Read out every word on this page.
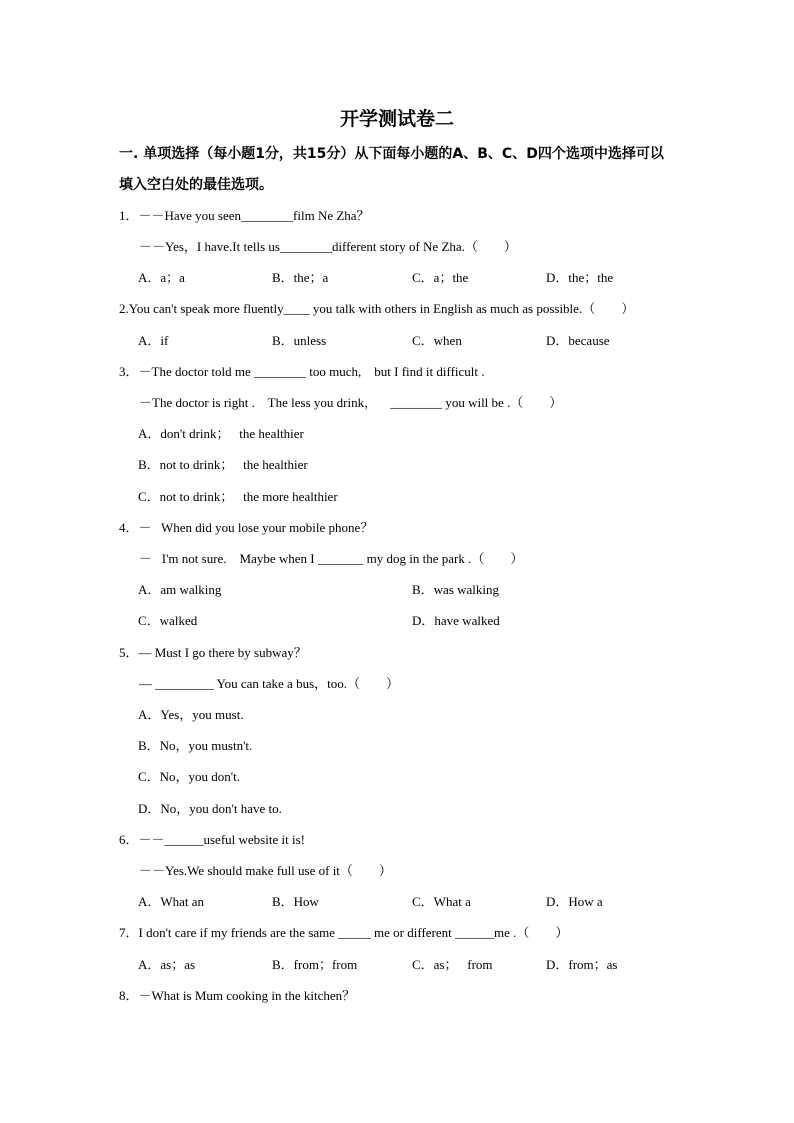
开学测试卷二
一. 单项选择（每小题1分，共15分）从下面每小题的A、B、C、D四个选项中选择可以
填入空白处的最佳选项。
1．－－Have you seen________film Ne Zha？
－－Yes，I have.It tells us________different story of Ne Zha.（        ）
A．a；a	B．the；a	C．a；the	D．the；the
2.You can't speak more fluently____ you talk with others in English as much as possible.（        ）
A．if	B．unless	C．when	D．because
3．－The doctor told me ________ too much,    but I find it difficult .
－The doctor is right .    The less you drink，    ________ you will be .（        ）
A．don't drink；   the healthier
B．not to drink；   the healthier
C．not to drink；   the more healthier
4．－   When did you lose your mobile phone？
－   I'm not sure.    Maybe when I _______ my dog in the park .（        ）
A．am walking	B．was walking
C．walked	D．have walked
5．— Must I go there by subway？
— _________ You can take a bus，too.（        ）
A．Yes，you must.
B．No，you mustn't.
C．No，you don't.
D．No，you don't have to.
6．－－______useful website it is!
－－Yes.We should make full use of it（        ）
A．What an	B．How	C．What a	D．How a
7．I don't care if my friends are the same _____ me or different ______me .（        ）
A．as；as	B．from；from	C．as；   from	D．from；as
8．－What is Mum cooking in the kitchen？
